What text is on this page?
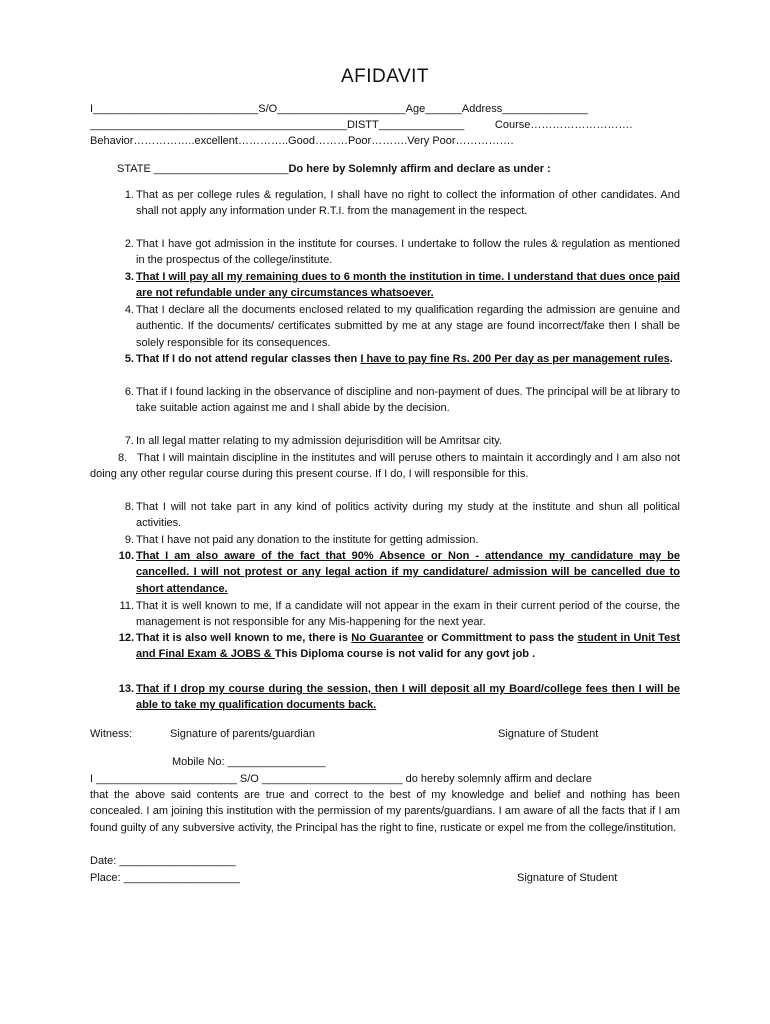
AFIDAVIT
I___________________________S/O_____________________Age______Address______________
__________________________________________DISTT______________          Course……………………….
Behavior……………..excellent…………..Good………Poor……….Very Poor…………….
STATE ______________________Do here by Solemnly affirm and declare as under :
1. That as per college rules & regulation, I shall have no right to collect the information of other candidates. And shall not apply any information under R.T.I. from the management in the respect.
2. That I have got admission in the institute for courses. I undertake to follow the rules & regulation as mentioned in the prospectus of the college/institute.
3. That I will pay all my remaining dues to 6 month the institution in time. I understand that dues once paid are not refundable under any circumstances whatsoever.
4. That I declare all the documents enclosed related to my qualification regarding the admission are genuine and authentic. If the documents/ certificates submitted by me at any stage are found incorrect/fake then I shall be solely responsible for its consequences.
5. That If I do not attend regular classes then I have to pay fine Rs. 200 Per day as per management rules.
6. That if I found lacking in the observance of discipline and non-payment of dues. The principal will be at library to take suitable action against me and I shall abide by the decision.
7. In all legal matter relating to my admission dejurisdition will be Amritsar city.
8. That I will maintain discipline in the institutes and will peruse others to maintain it accordingly and I am also not doing any other regular course during this present course. If I do, I will responsible for this.
8. That I will not take part in any kind of politics activity during my study at the institute and shun all political activities.
9. That I have not paid any donation to the institute for getting admission.
10. That I am also aware of the fact that 90% Absence or Non - attendance my candidature may be cancelled. I will not protest or any legal action if my candidature/ admission will be cancelled due to short attendance.
11. That it is well known to me, If a candidate will not appear in the exam in their current period of the course, the management is not responsible for any Mis-happening for the next year.
12. That it is also well known to me, there is No Guarantee or Committment to pass the student in Unit Test and Final Exam & JOBS & This Diploma course is not valid for any govt job .
13. That if I drop my course during the session, then I will deposit all my Board/college fees then I will be able to take my qualification documents back.
Witness:	Signature of parents/guardian	Signature of Student
Mobile No: ________________
I _______________________ S/O _______________________ do hereby solemnly affirm and declare
that the above said contents are true and correct to the best of my knowledge and belief and nothing has been concealed. I am joining this institution with the permission of my parents/guardians. I am aware of all the facts that if I am found guilty of any subversive activity, the Principal has the right to fine, rusticate or expel me from the college/institution.
Date: ___________________
Place: ___________________	Signature of Student
